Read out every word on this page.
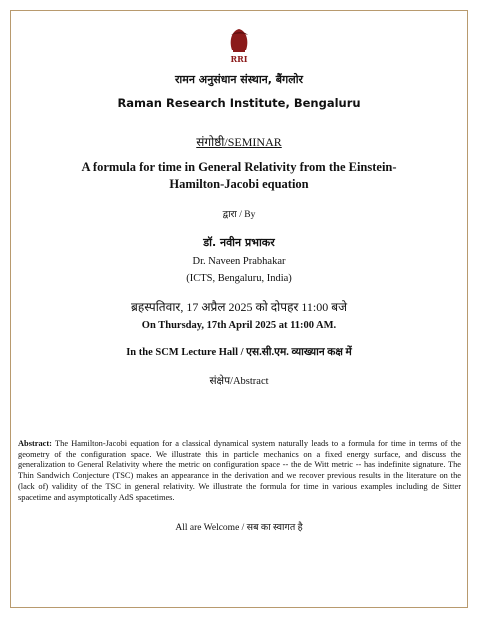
RRI

रामन अनुसंधान संस्थान, बैंगलोर

Raman Research Institute, Bengaluru

संगोष्ठी/SEMINAR

A formula for time in General Relativity from the Einstein-

Hamilton-Jacobi equation

द्वारा / By

डॉ. नवीन प्रभाकर

Dr. Naveen Prabhakar

(ICTS, Bengaluru, India)

ब्रहस्पतिवार, 17 अप्रैल 2025 को दोपहर 11:00 बजे

On Thursday, 17th April 2025 at 11:00 AM.

In the SCM Lecture Hall / एस.सी.एम. व्याख्यान कक्ष में

संक्षेप/Abstract

Abstract: The Hamilton-Jacobi equation for a classical dynamical system naturally leads to a formula for time in terms of the geometry of the configuration space. We illustrate this in particle mechanics on a fixed energy surface, and discuss the generalization to General Relativity where the metric on configuration space -- the de Witt metric -- has indefinite signature. The Thin Sandwich Conjecture (TSC) makes an appearance in the derivation and we recover previous results in the literature on the (lack of) validity of the TSC in general relativity. We illustrate the formula for time in various examples including de Sitter spacetime and asymptotically AdS spacetimes.

All are Welcome / सब का स्वागत है
